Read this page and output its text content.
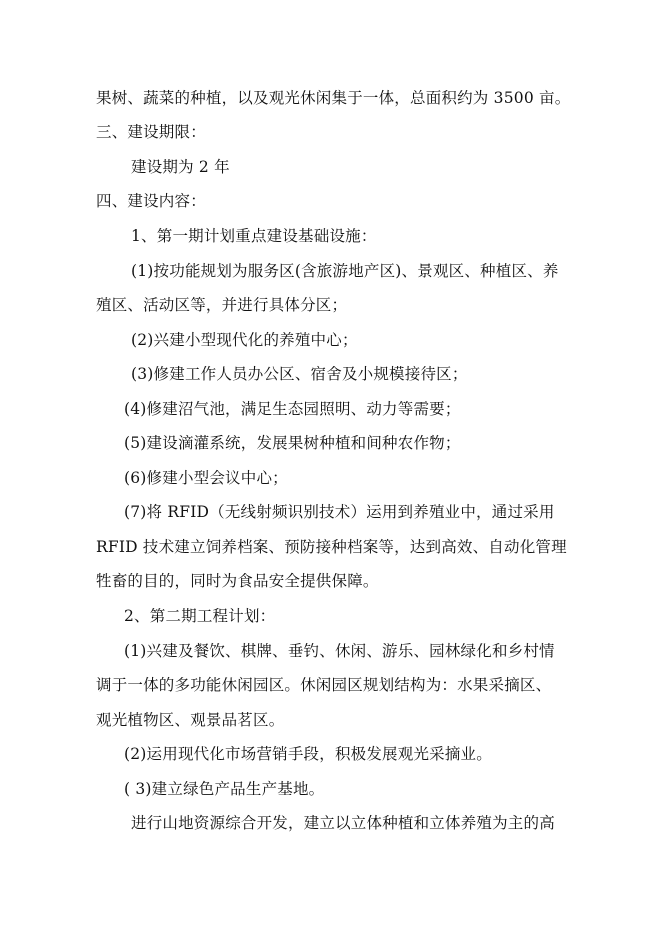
果树、蔬菜的种植，以及观光休闲集于一体，总面积约为 3500 亩。
三、建设期限：
建设期为 2 年
四、建设内容：
1、第一期计划重点建设基础设施：
(1)按功能规划为服务区(含旅游地产区)、景观区、种植区、养
殖区、活动区等，并进行具体分区；
(2)兴建小型现代化的养殖中心；
(3)修建工作人员办公区、宿舍及小规模接待区；
(4)修建沼气池，满足生态园照明、动力等需要；
(5)建设滴灌系统，发展果树种植和间种农作物；
(6)修建小型会议中心；
(7)将 RFID（无线射频识别技术）运用到养殖业中，通过采用
RFID 技术建立饲养档案、预防接种档案等，达到高效、自动化管理
牲畜的目的，同时为食品安全提供保障。
2、第二期工程计划：
(1)兴建及餐饮、棋牌、垂钓、休闲、游乐、园林绿化和乡村情
调于一体的多功能休闲园区。休闲园区规划结构为：水果采摘区、
观光植物区、观景品茗区。
(2)运用现代化市场营销手段，积极发展观光采摘业。
( 3)建立绿色产品生产基地。
进行山地资源综合开发，建立以立体种植和立体养殖为主的高
